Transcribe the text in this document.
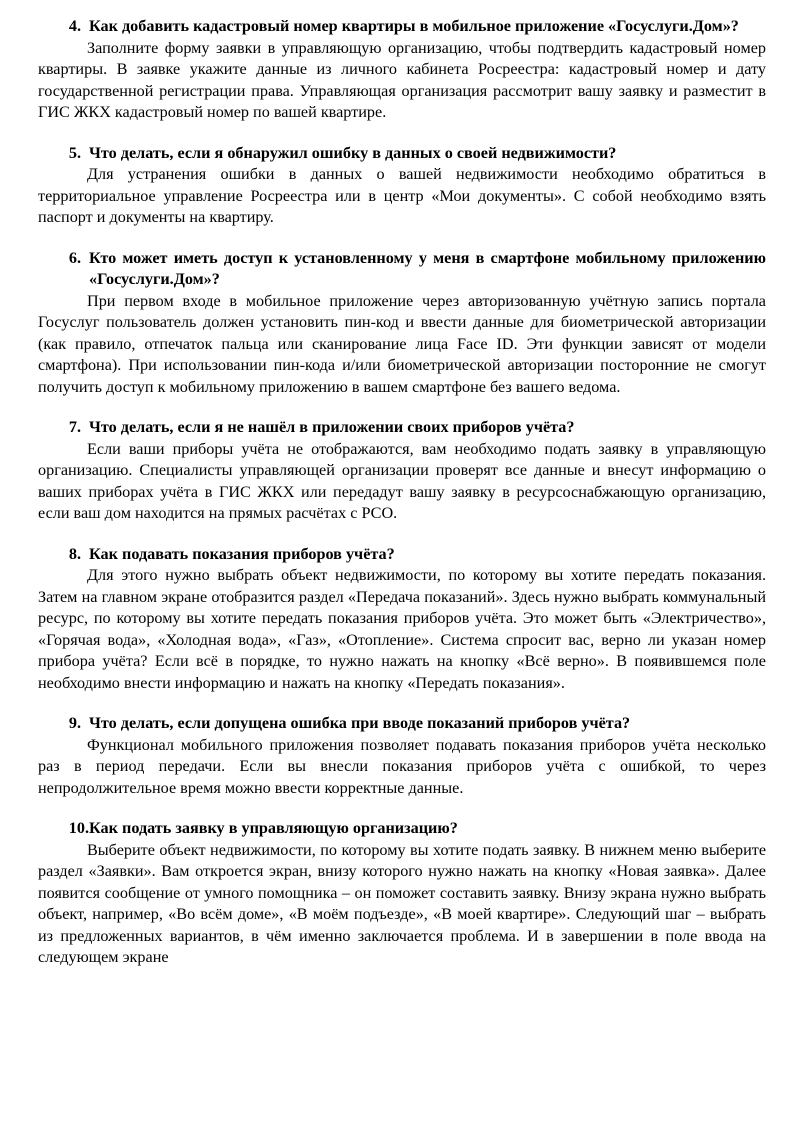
4. Как добавить кадастровый номер квартиры в мобильное приложение «Госуслуги.Дом»?

Заполните форму заявки в управляющую организацию, чтобы подтвердить кадастровый номер квартиры. В заявке укажите данные из личного кабинета Росреестра: кадастровый номер и дату государственной регистрации права. Управляющая организация рассмотрит вашу заявку и разместит в ГИС ЖКХ кадастровый номер по вашей квартире.

5. Что делать, если я обнаружил ошибку в данных о своей недвижимости?

Для устранения ошибки в данных о вашей недвижимости необходимо обратиться в территориальное управление Росреестра или в центр «Мои документы». С собой необходимо взять паспорт и документы на квартиру.

6. Кто может иметь доступ к установленному у меня в смартфоне мобильному приложению «Госуслуги.Дом»?

При первом входе в мобильное приложение через авторизованную учётную запись портала Госуслуг пользователь должен установить пин-код и ввести данные для биометрической авторизации (как правило, отпечаток пальца или сканирование лица Face ID. Эти функции зависят от модели смартфона). При использовании пин-кода и/или биометрической авторизации посторонние не смогут получить доступ к мобильному приложению в вашем смартфоне без вашего ведома.

7. Что делать, если я не нашёл в приложении своих приборов учёта?

Если ваши приборы учёта не отображаются, вам необходимо подать заявку в управляющую организацию. Специалисты управляющей организации проверят все данные и внесут информацию о ваших приборах учёта в ГИС ЖКХ или передадут вашу заявку в ресурсоснабжающую организацию, если ваш дом находится на прямых расчётах с РСО.

8. Как подавать показания приборов учёта?

Для этого нужно выбрать объект недвижимости, по которому вы хотите передать показания. Затем на главном экране отобразится раздел «Передача показаний». Здесь нужно выбрать коммунальный ресурс, по которому вы хотите передать показания приборов учёта. Это может быть «Электричество», «Горячая вода», «Холодная вода», «Газ», «Отопление». Система спросит вас, верно ли указан номер прибора учёта? Если всё в порядке, то нужно нажать на кнопку «Всё верно». В появившемся поле необходимо внести информацию и нажать на кнопку «Передать показания».

9. Что делать, если допущена ошибка при вводе показаний приборов учёта?

Функционал мобильного приложения позволяет подавать показания приборов учёта несколько раз в период передачи. Если вы внесли показания приборов учёта с ошибкой, то через непродолжительное время можно ввести корректные данные.

10. Как подать заявку в управляющую организацию?

Выберите объект недвижимости, по которому вы хотите подать заявку. В нижнем меню выберите раздел «Заявки». Вам откроется экран, внизу которого нужно нажать на кнопку «Новая заявка». Далее появится сообщение от умного помощника – он поможет составить заявку. Внизу экрана нужно выбрать объект, например, «Во всём доме», «В моём подъезде», «В моей квартире». Следующий шаг – выбрать из предложенных вариантов, в чём именно заключается проблема. И в завершении в поле ввода на следующем экране
